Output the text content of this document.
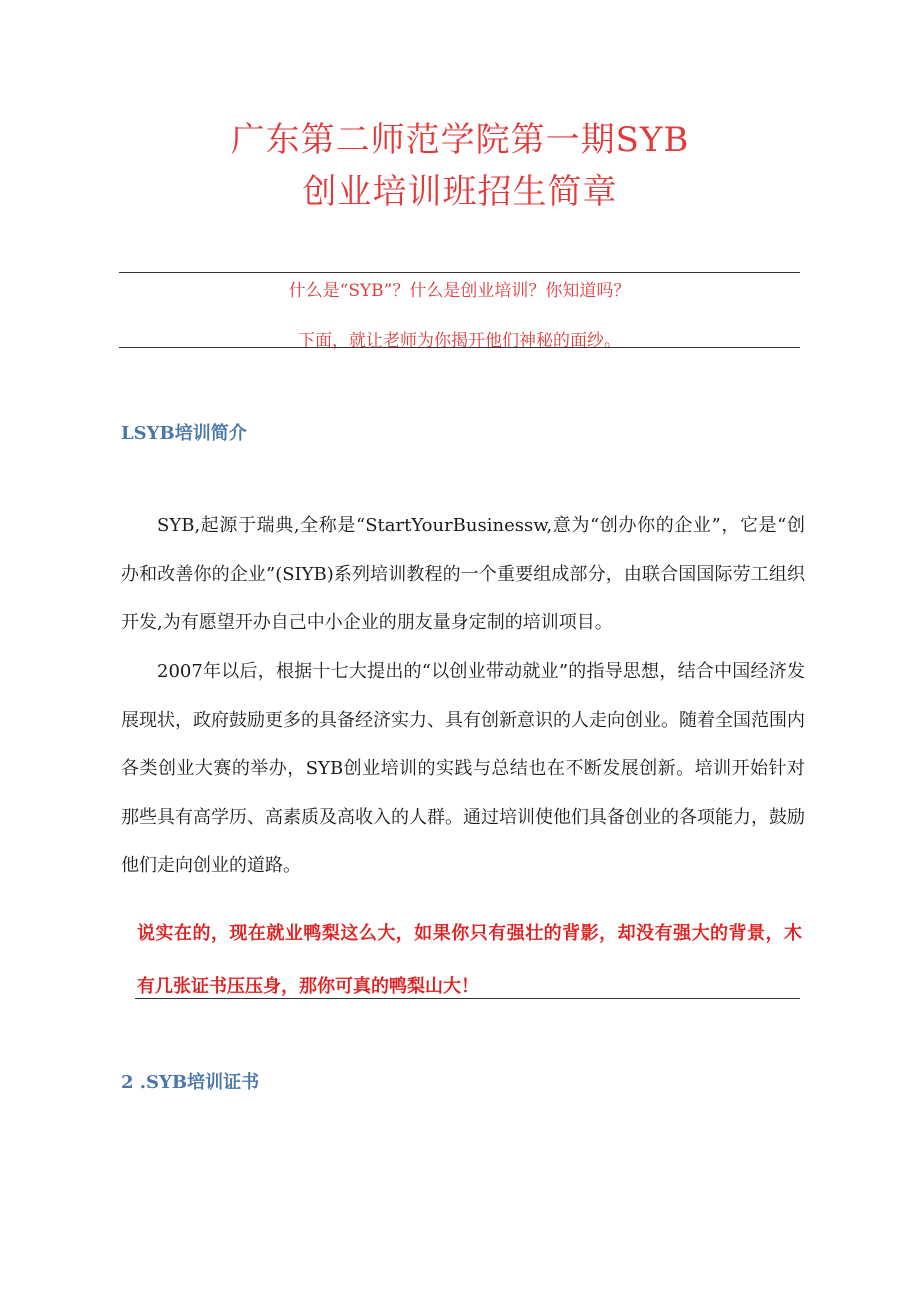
广东第二师范学院第一期SYB
创业培训班招生简章

什么是“SYB”？什么是创业培训？你知道吗？

下面，就让老师为你揭开他们神秘的面纱。

LSYB培训简介

SYB,起源于瑞典,全称是“StartYourBusinessw,意为“创办你的企业”，它是“创办和改善你的企业”(SIYB)系列培训教程的一个重要组成部分，由联合国国际劳工组织开发,为有愿望开办自己中小企业的朋友量身定制的培训项目。

2007年以后，根据十七大提出的“以创业带动就业”的指导思想，结合中国经济发展现状，政府鼓励更多的具备经济实力、具有创新意识的人走向创业。随着全国范围内各类创业大赛的举办，SYB创业培训的实践与总结也在不断发展创新。培训开始针对那些具有高学历、高素质及高收入的人群。通过培训使他们具备创业的各项能力，鼓励他们走向创业的道路。

说实在的，现在就业鸭梨这么大，如果你只有强壮的背影，却没有强大的背景，木有几张证书压压身，那你可真的鸭梨山大！

2 .SYB培训证书
